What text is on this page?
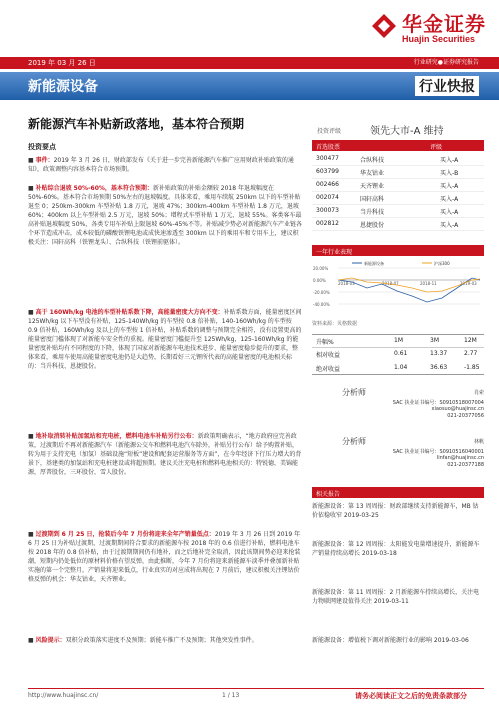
华金证券
Huajin Securities
2019 年 03 月 26 日	行业研究●证券研究报告
新能源设备	行业快报
新能源汽车补贴新政落地，基本符合预期
投资要点
■ 事件：2019 年 3 月 26 日，财政部发布《关于进一步完善新能源汽车推广应用财政补贴政策的通知》，政策调整内容基本符合市场预期。
■ 补贴综合退坡 50%-60%，基本符合预期：新补贴政策的补贴金额较 2018 年退坡幅度在 50%-60%。基本符合市场预期 50%左右的退坡幅度。具体来看，乘用车续航 250km 以下的车型补贴退至 0；250km-300km 车型补贴 1.8 万元，退坡 47%；300km-400km 车型补贴 1.8 万元，退坡 60%；400km 以上车型补贴 2.5 万元，退坡 50%；增程式车型补贴 1 万元，退坡 55%。客类客车最高补贴退坡幅度 50%，各类专用车补贴上限退坡 60%-45%不等。补贴减少势必对新能源汽车产业链各个环节造成冲击，成本较低的磷酸铁锂电池或成快速渗透至 300km 以下的乘用车和专用车上，建议积极关注：国轩高科（铁锂龙头）、合纵科技（铁锂前驱体）。
■ 高于 160Wh/kg 电池的车型补贴系数下降，高能量密度大方向不变：补贴系数方面，能量密度区间 125Wh/kg 以下车型没有补贴，125-140Wh/kg 的车型按 0.8 倍补贴，140-160Wh/kg 的车型按 0.9 倍补贴，160Wh/kg 及以上的车型按 1 倍补贴，补贴系数的调整与预期完全相符，没有设置更高的能量密度门槛体现了对新能车安全性的重视。能量密度门槛提升至 125Wh/kg，125-160Wh/kg 的能量密度补贴均有不同程度的下降，体现了国家对新能源车电池技术进步、能量密度稳步提升的要求，整体来看，乘用车使用高能量密度电池仍是大趋势，长期看好三元锂所代表的高能量密度的电池相关标的：当升科技、恩捷股份。
■ 地补取消转补贴加氢站和充电桩，燃料电池车补贴另行公布：新政策明确表示，“地方政府应完善政策，过渡期后不再对新能源汽车（新能源公交车和燃料电池汽车除外，补贴另行公布）给予购置补贴，转为用于支持充电（加氢）基础设施“短板”建设和配套运营服务等方面”，在今年经济下行压力增大的背景下，基建类的加氢站和充电桩建设或将超预期。建议关注充电桩和燃料电池相关的：特锐德，美锦能源，厚普股份，三环股份，雪人股份。
■ 过渡期到 6 月 25 日，抢装后今年 7 月份将迎来全年产销量低点：2019 年 3 月 26 日到 2019 年 6 月 25 日为补贴过渡期，过渡期期间符合要求的新能源车按 2018 年的 0.6 倍进行补贴，燃料电池车按 2018 年的 0.8 倍补贴，由于过渡期期间仍有地补，而之后地补完全取消，因此该期间势必迎来抢装潮，短期内仍处低位的原材料价格有望反弹，由此推断，今年 7 月份将迎来新能源车淡季并叠加新补贴实施的第一个完整月，产销量将迎来低点，行业真实的对应成将出现在 7 月前后，建议积极关注锂钴价格反弹的机会：华友钴业，天齐锂业。
■ 风险提示：双积分政策落实进度不及预期；新能车推广不及预期；其他突发性事件。
投资评级	领先大市-A 维持
首选股票	评级
300477	合纵科技	买入-A
603799	华友钴业	买入-B
002466	天齐锂业	买入-A
002074	国轩高科	买入-A
300073	当升科技	买入-A
002812	恩捷股份	买入-A
一年行业表现
新能源设备	沪深300
20.00%
0.00%
-20.00%
-40.00%
2018-03	2018-07	2018-11	2019-03
资料来源：贝格数据
升幅%	1M	3M	12M
相对收益	0.61	13.37	2.77
绝对收益	1.04	36.63	-1.85
分析师	肖索
SAC 执业证书编号：S0910518007004
xiaosuo@huajinsc.cn
021-20377056
分析师	林帆
SAC 执业证书编号：S0910516040001
linfan@huajinsc.cn
021-20377188
相关报告
新能源设备：第 13 周周报：财政部继续支持新能源车，MB 钴价依稳收窄 2019-03-25
新能源设备：第 12 周周报：太阳能发电量增速提升，新能源车产销量持续高增长 2019-03-18
新能源设备：第 11 周周报：2 月新能源车持续高增长，关注电力物联网建设值得关注 2019-03-11
新能源设备：增值税下调对新能源行业的影响 2019-03-06
http://www.huajinsc.cn/	1 / 13	请务必阅读正文之后的免责条款部分
